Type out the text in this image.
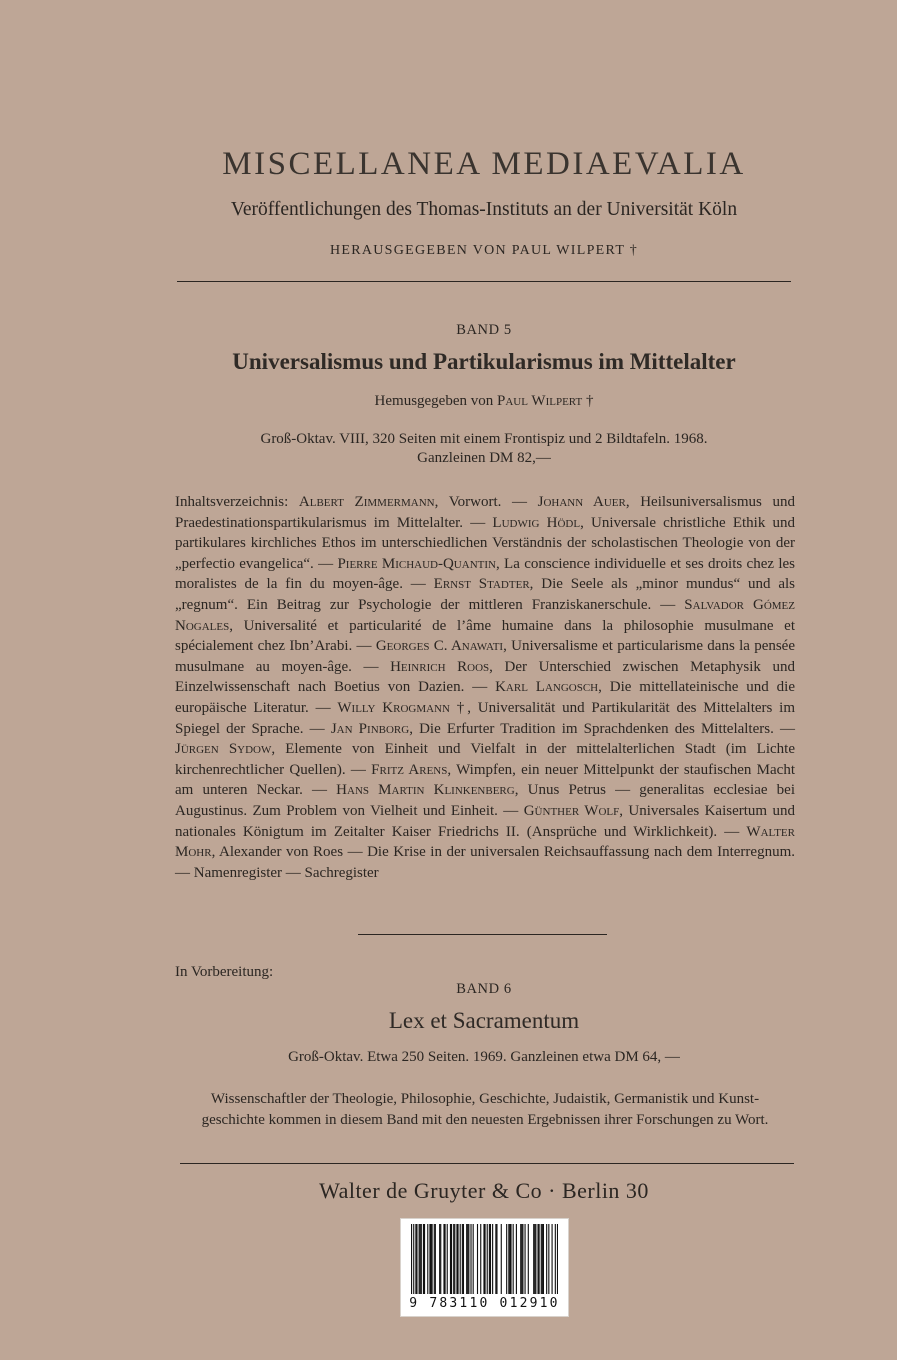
MISCELLANEA MEDIAEVALIA
Veröffentlichungen des Thomas-Instituts an der Universität Köln
HERAUSGEGEBEN VON PAUL WILPERT †
BAND 5
Universalismus und Partikularismus im Mittelalter
Hemusgegeben von Paul Wilpert †
Groß-Oktav. VIII, 320 Seiten mit einem Frontispiz und 2 Bildtafeln. 1968.
Ganzleinen DM 82,—
Inhaltsverzeichnis: Albert Zimmermann, Vorwort. — Johann Auer, Heilsuniversalismus und Praedestinationspartikularismus im Mittelalter. — Ludwig Hödl, Universale christliche Ethik und partikulares kirchliches Ethos im unterschiedlichen Verständnis der scholastischen Theologie von der „perfectio evangelica“. — Pierre Michaud-Quantin, La conscience individuelle et ses droits chez les moralistes de la fin du moyen-âge. — Ernst Stadter, Die Seele als „minor mundus“ und als „regnum“. Ein Beitrag zur Psychologie der mittleren Franziskanerschule. — Salvador Gómez Nogales, Universalité et particularité de l’âme humaine dans la philosophie musulmane et spécialement chez Ibn’Arabi. — Georges C. Anawati, Universalisme et particularisme dans la pensée musulmane au moyen-âge. — Heinrich Roos, Der Unterschied zwischen Metaphysik und Einzelwissenschaft nach Boetius von Dazien. — Karl Langosch, Die mittellateinische und die europäische Literatur. — Willy Krogmann †, Universalität und Partikularität des Mittelalters im Spiegel der Sprache. — Jan Pinborg, Die Erfurter Tradition im Sprachdenken des Mittelalters. — Jürgen Sydow, Elemente von Einheit und Vielfalt in der mittelalterlichen Stadt (im Lichte kirchenrechtlicher Quellen). — Fritz Arens, Wimpfen, ein neuer Mittelpunkt der staufischen Macht am unteren Neckar. — Hans Martin Klinkenberg, Unus Petrus — generalitas ecclesiae bei Augustinus. Zum Problem von Vielheit und Einheit. — Günther Wolf, Universales Kaisertum und nationales Königtum im Zeitalter Kaiser Friedrichs II. (Ansprüche und Wirklichkeit). — Walter Mohr, Alexander von Roes — Die Krise in der universalen Reichsauffassung nach dem Interregnum. — Namenregister — Sachregister
In Vorbereitung:
BAND 6
Lex et Sacramentum
Groß-Oktav. Etwa 250 Seiten. 1969. Ganzleinen etwa DM 64, —
Wissenschaftler der Theologie, Philosophie, Geschichte, Judaistik, Germanistik und Kunst-
geschichte kommen in diesem Band mit den neuesten Ergebnissen ihrer Forschungen zu Wort.
Walter de Gruyter & Co · Berlin 30
9 783110 012910
